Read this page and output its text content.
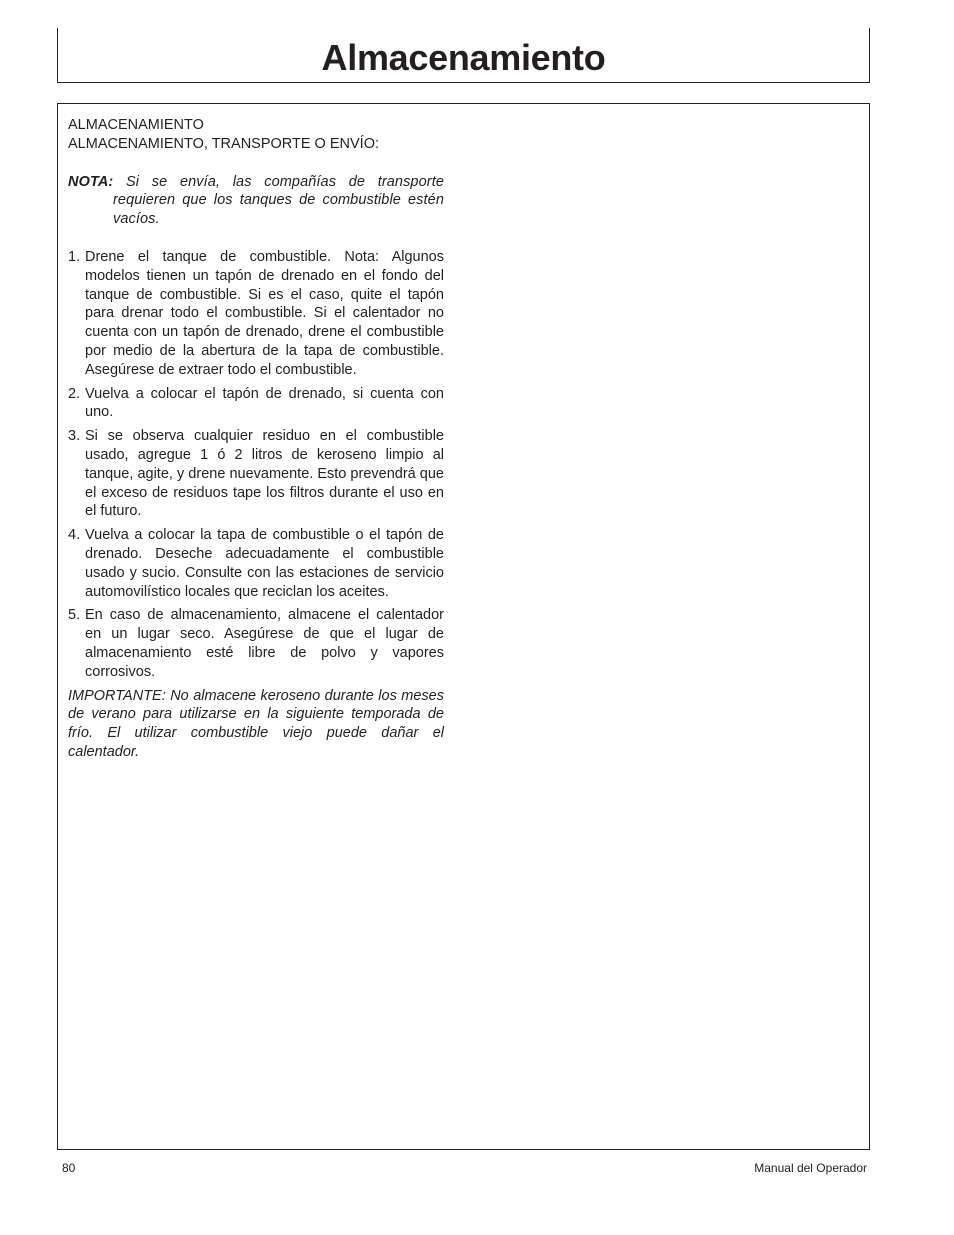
Almacenamiento

ALMACENAMIENTO

ALMACENAMIENTO, TRANSPORTE O ENVÍO:

NOTA: Si se envía, las compañías de transporte requieren que los tanques de combustible estén vacíos.
1. Drene el tanque de combustible. Nota: Algunos modelos tienen un tapón de drenado en el fondo del tanque de combustible. Si es el caso, quite el tapón para drenar todo el combustible. Si el calentador no cuenta con un tapón de drenado, drene el combustible por medio de la abertura de la tapa de combustible. Asegúrese de extraer todo el combustible.
2. Vuelva a colocar el tapón de drenado, si cuenta con uno.
3. Si se observa cualquier residuo en el combustible usado, agregue 1 ó 2 litros de keroseno limpio al tanque, agite, y drene nuevamente. Esto prevendrá que el exceso de residuos tape los filtros durante el uso en el futuro.
4. Vuelva a colocar la tapa de combustible o el tapón de drenado. Deseche adecuadamente el combustible usado y sucio. Consulte con las estaciones de servicio automovilístico locales que reciclan los aceites.
5. En caso de almacenamiento, almacene el calentador en un lugar seco. Asegúrese de que el lugar de almacenamiento esté libre de polvo y vapores corrosivos.

IMPORTANTE: No almacene keroseno durante los meses de verano para utilizarse en la siguiente temporada de frío. El utilizar combustible viejo puede dañar el calentador.

80	Manual del Operador
